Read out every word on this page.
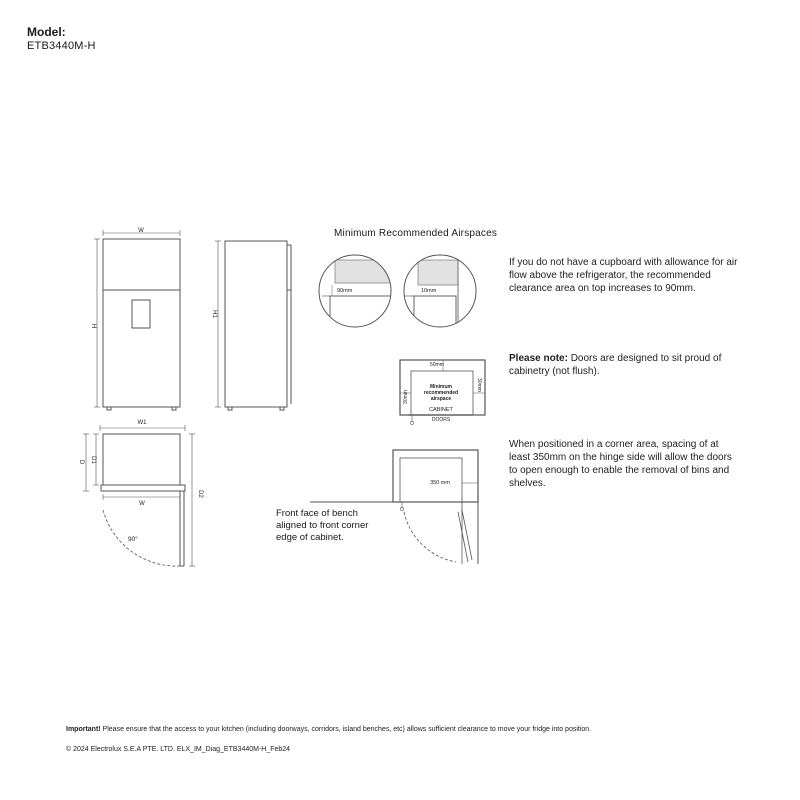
Model:
ETB3440M-H
Minimum Recommended Airspaces
W
H
H1
W1
D D1
W
D2
90°
90mm	10mm
50mm
30mm
30mm
Minimum
recommended
airspace
CABINET
DOORS
350 mm
If you do not have a cupboard with allowance for air flow above the refrigerator, the recommended clearance area on top increases to 90mm.
Please note: Doors are designed to sit proud of cabinetry (not flush).
When positioned in a corner area, spacing of at least 350mm on the hinge side will allow the doors to open enough to enable the removal of bins and shelves.
Front face of bench aligned to front corner edge of cabinet.
Important! Please ensure that the access to your kitchen (including doorways, corridors, island benches, etc) allows sufficient clearance to move your fridge into position.
© 2024 Electrolux S.E.A PTE. LTD. ELX_IM_Diag_ETB3440M-H_Feb24
